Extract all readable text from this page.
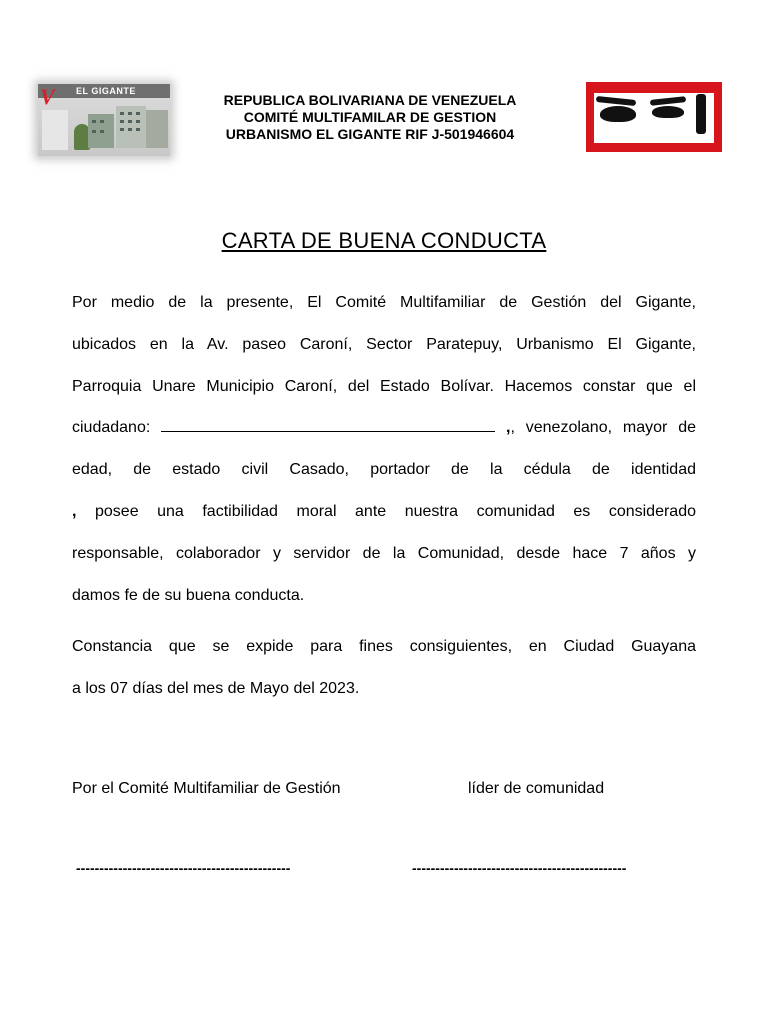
V EL GIGANTE
REPUBLICA BOLIVARIANA DE VENEZUELA
COMITÉ MULTIFAMILAR DE GESTION
URBANISMO EL GIGANTE RIF J-501946604
CARTA DE BUENA CONDUCTA
Por medio de la presente, El Comité Multifamiliar de Gestión del Gigante,
ubicados en la Av. paseo Caroní, Sector Paratepuy, Urbanismo El Gigante,
Parroquia Unare Municipio Caroní, del Estado Bolívar. Hacemos constar que el
ciudadano:	,, venezolano, mayor de
edad, de estado civil Casado, portador de la cédula de identidad
, posee una factibilidad moral ante nuestra comunidad es considerado
responsable, colaborador y servidor de la Comunidad, desde hace 7 años y
damos fe de su buena conducta.
Constancia que se expide para fines consiguientes, en Ciudad Guayana
a los 07 días del mes de Mayo del 2023.
Por el Comité Multifamiliar de Gestión	líder de comunidad
----------------------------------------------	----------------------------------------------
